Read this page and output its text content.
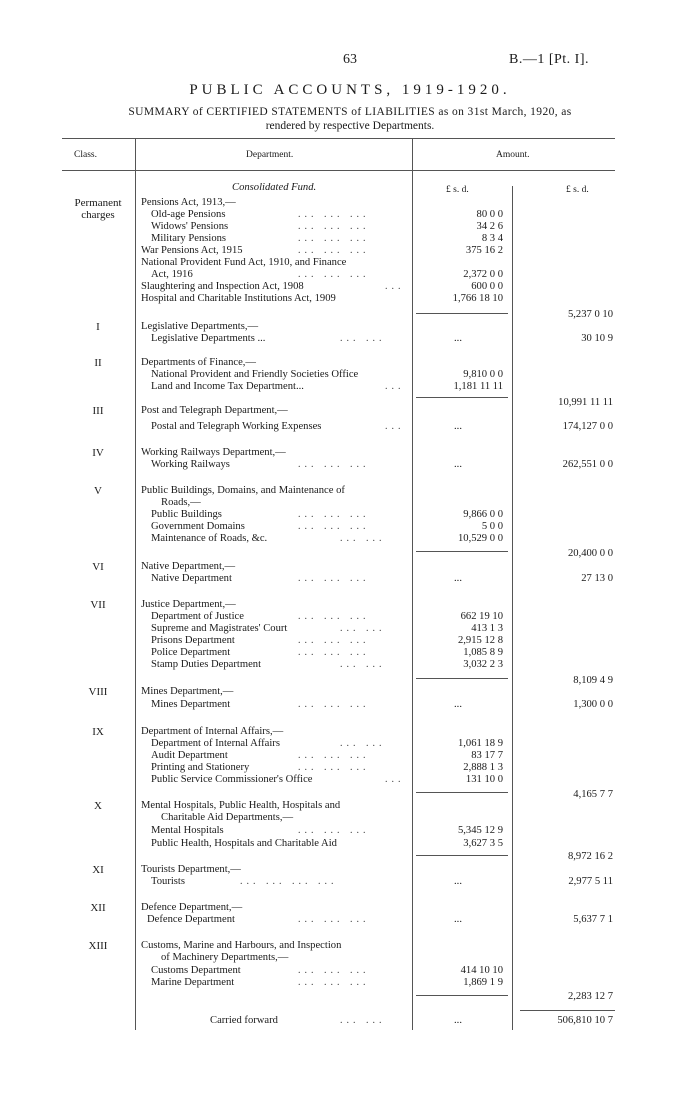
63	B.—1 [Pt. I].
PUBLIC ACCOUNTS, 1919-1920.
SUMMARY of CERTIFIED STATEMENTS of LIABILITIES as on 31st March, 1920, as
rendered by respective Departments.
Class.	Department.	Amount.
£ s. d.	£ s. d.
Consolidated Fund.
Permanent	Pensions Act, 1913,—
charges	Old-age Pensions	... ... ...	80 0 0
Widows' Pensions	... ... ...	34 2 6
Military Pensions	... ... ...	8 3 4
War Pensions Act, 1915	... ... ...	375 16 2
National Provident Fund Act, 1910, and Finance
Act, 1916	... ... ...	2,372 0 0
Slaughtering and Inspection Act, 1908	...	600 0 0
Hospital and Charitable Institutions Act, 1909	1,766 18 10
5,237 0 10
I	Legislative Departments,—
Legislative Departments ...	... ...	...	30 10 9
II	Departments of Finance,—
National Provident and Friendly Societies Office	9,810 0 0
Land and Income Tax Department...	...	1,181 11 11
10,991 11 11
III	Post and Telegraph Department,—
Postal and Telegraph Working Expenses	...	...	174,127 0 0
IV	Working Railways Department,—
Working Railways	... ... ...	...	262,551 0 0
V	Public Buildings, Domains, and Maintenance of
Roads,—
Public Buildings	... ... ...	9,866 0 0
Government Domains	... ... ...	5 0 0
Maintenance of Roads, &c.	... ...	10,529 0 0
20,400 0 0
VI	Native Department,—
Native Department	... ... ...	...	27 13 0
VII	Justice Department,—
Department of Justice	... ... ...	662 19 10
Supreme and Magistrates' Court	... ...	413 1 3
Prisons Department	... ... ...	2,915 12 8
Police Department	... ... ...	1,085 8 9
Stamp Duties Department	... ...	3,032 2 3
8,109 4 9
VIII	Mines Department,—
Mines Department	... ... ...	...	1,300 0 0
IX	Department of Internal Affairs,—
Department of Internal Affairs	... ...	1,061 18 9
Audit Department	... ... ...	83 17 7
Printing and Stationery	... ... ...	2,888 1 3
Public Service Commissioner's Office	...	131 10 0
4,165 7 7
X	Mental Hospitals, Public Health, Hospitals and
Charitable Aid Departments,—
Mental Hospitals	... ... ...	5,345 12 9
Public Health, Hospitals and Charitable Aid	3,627 3 5
8,972 16 2
XI	Tourists Department,—
Tourists	... ... ... ...	...	2,977 5 11
XII	Defence Department,—
Defence Department	... ... ...	...	5,637 7 1
XIII	Customs, Marine and Harbours, and Inspection
of Machinery Departments,—
Customs Department	... ... ...	414 10 10
Marine Department	... ... ...	1,869 1 9
2,283 12 7
Carried forward	... ...	...	506,810 10 7
